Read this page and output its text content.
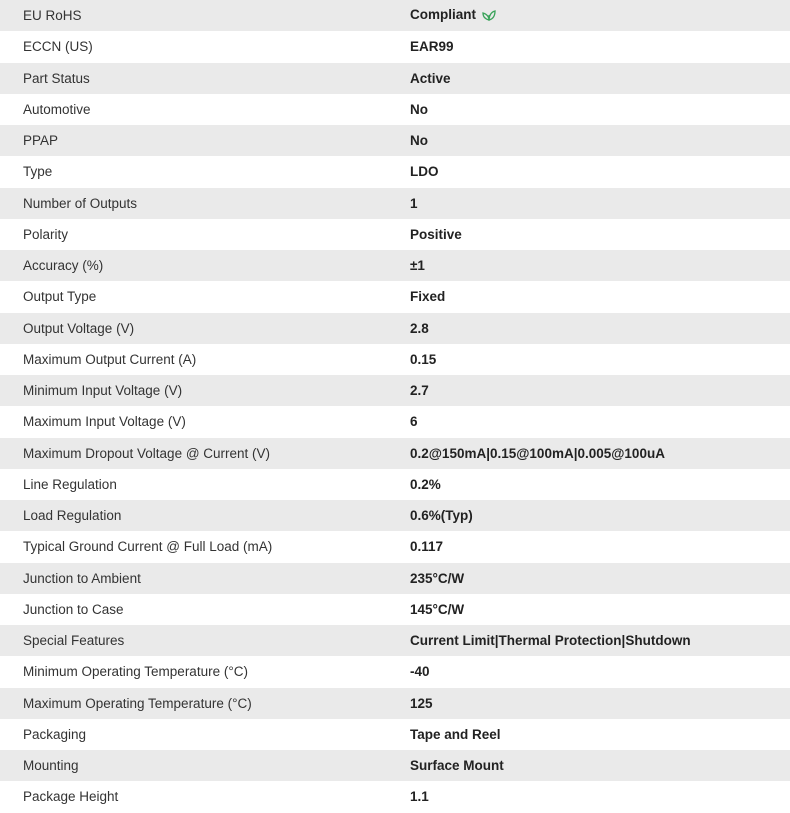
EU RoHS	Compliant
ECCN (US)	EAR99
Part Status	Active
Automotive	No
PPAP	No
Type	LDO
Number of Outputs	1
Polarity	Positive
Accuracy (%)	±1
Output Type	Fixed
Output Voltage (V)	2.8
Maximum Output Current (A)	0.15
Minimum Input Voltage (V)	2.7
Maximum Input Voltage (V)	6
Maximum Dropout Voltage @ Current (V)	0.2@150mA|0.15@100mA|0.005@100uA
Line Regulation	0.2%
Load Regulation	0.6%(Typ)
Typical Ground Current @ Full Load (mA)	0.117
Junction to Ambient	235°C/W
Junction to Case	145°C/W
Special Features	Current Limit|Thermal Protection|Shutdown
Minimum Operating Temperature (°C)	-40
Maximum Operating Temperature (°C)	125
Packaging	Tape and Reel
Mounting	Surface Mount
Package Height	1.1
